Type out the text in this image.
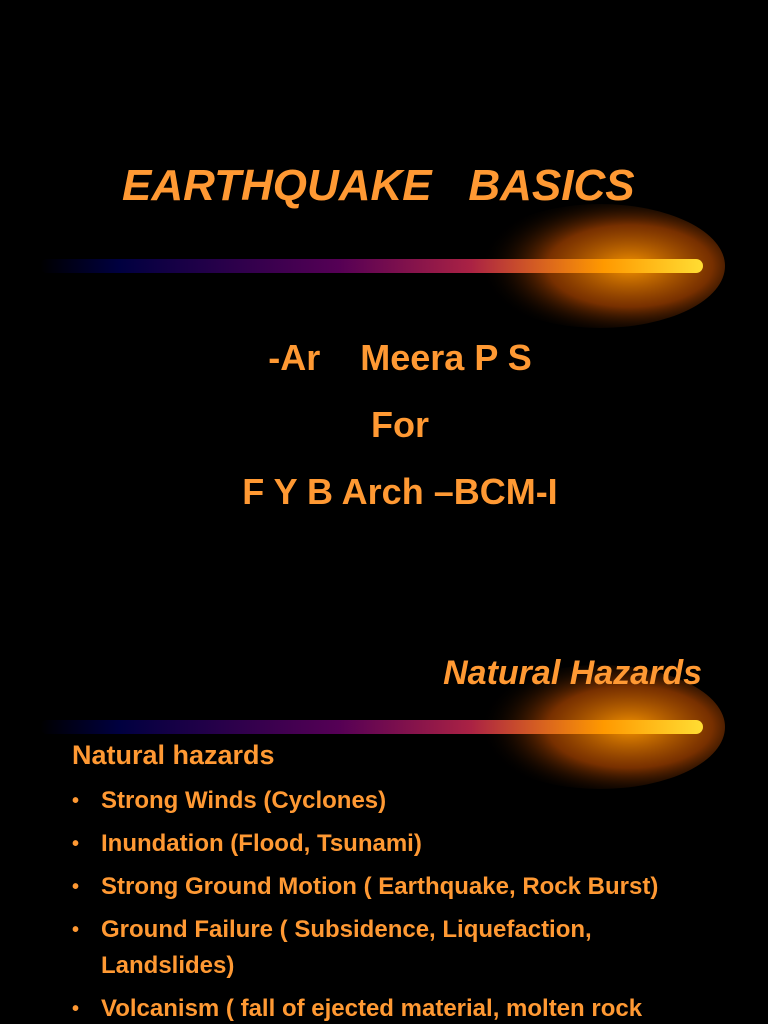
EARTHQUAKE   BASICS
-Ar    Meera P S
For
F Y B Arch –BCM-I
Natural Hazards
Natural hazards
• Strong Winds (Cyclones)
• Inundation (Flood, Tsunami)
• Strong Ground Motion ( Earthquake, Rock Burst)
• Ground Failure ( Subsidence, Liquefaction, Landslides)
• Volcanism ( fall of ejected material, molten rock
